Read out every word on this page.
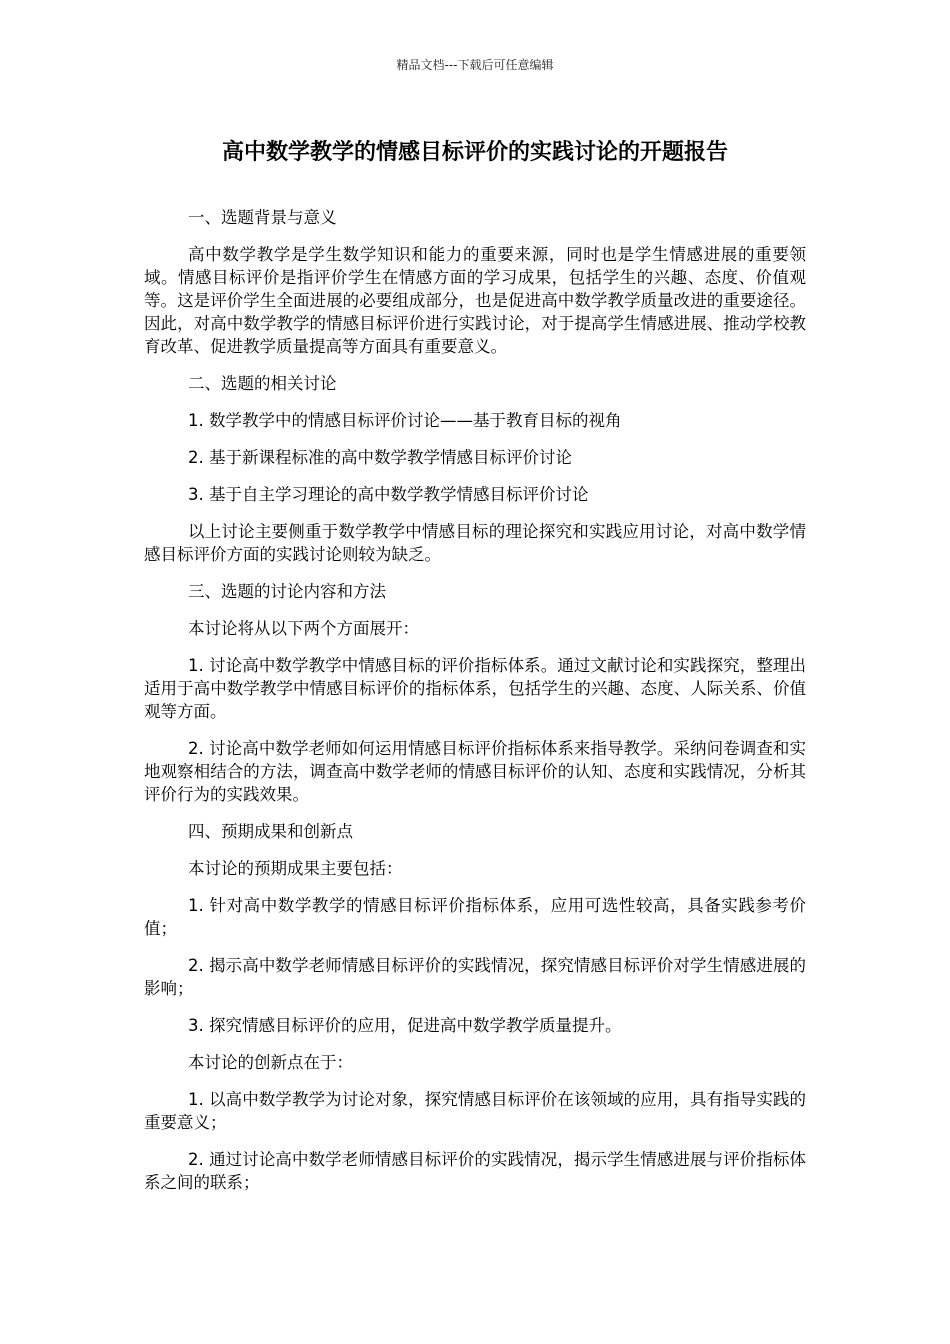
精品文档---下载后可任意编辑
高中数学教学的情感目标评价的实践讨论的开题报告

一、选题背景与意义

高中数学教学是学生数学知识和能力的重要来源，同时也是学生情感进展的重要领域。情感目标评价是指评价学生在情感方面的学习成果，包括学生的兴趣、态度、价值观等。这是评价学生全面进展的必要组成部分，也是促进高中数学教学质量改进的重要途径。因此，对高中数学教学的情感目标评价进行实践讨论，对于提高学生情感进展、推动学校教育改革、促进教学质量提高等方面具有重要意义。

二、选题的相关讨论

1. 数学教学中的情感目标评价讨论——基于教育目标的视角

2. 基于新课程标准的高中数学教学情感目标评价讨论

3. 基于自主学习理论的高中数学教学情感目标评价讨论

以上讨论主要侧重于数学教学中情感目标的理论探究和实践应用讨论，对高中数学情感目标评价方面的实践讨论则较为缺乏。

三、选题的讨论内容和方法

本讨论将从以下两个方面展开：

1. 讨论高中数学教学中情感目标的评价指标体系。通过文献讨论和实践探究，整理出适用于高中数学教学中情感目标评价的指标体系，包括学生的兴趣、态度、人际关系、价值观等方面。

2. 讨论高中数学老师如何运用情感目标评价指标体系来指导教学。采纳问卷调查和实地观察相结合的方法，调查高中数学老师的情感目标评价的认知、态度和实践情况，分析其评价行为的实践效果。

四、预期成果和创新点

本讨论的预期成果主要包括：

1. 针对高中数学教学的情感目标评价指标体系，应用可选性较高，具备实践参考价值；

2. 揭示高中数学老师情感目标评价的实践情况，探究情感目标评价对学生情感进展的影响；

3. 探究情感目标评价的应用，促进高中数学教学质量提升。

本讨论的创新点在于：

1. 以高中数学教学为讨论对象，探究情感目标评价在该领域的应用，具有指导实践的重要意义；

2. 通过讨论高中数学老师情感目标评价的实践情况，揭示学生情感进展与评价指标体系之间的联系；
